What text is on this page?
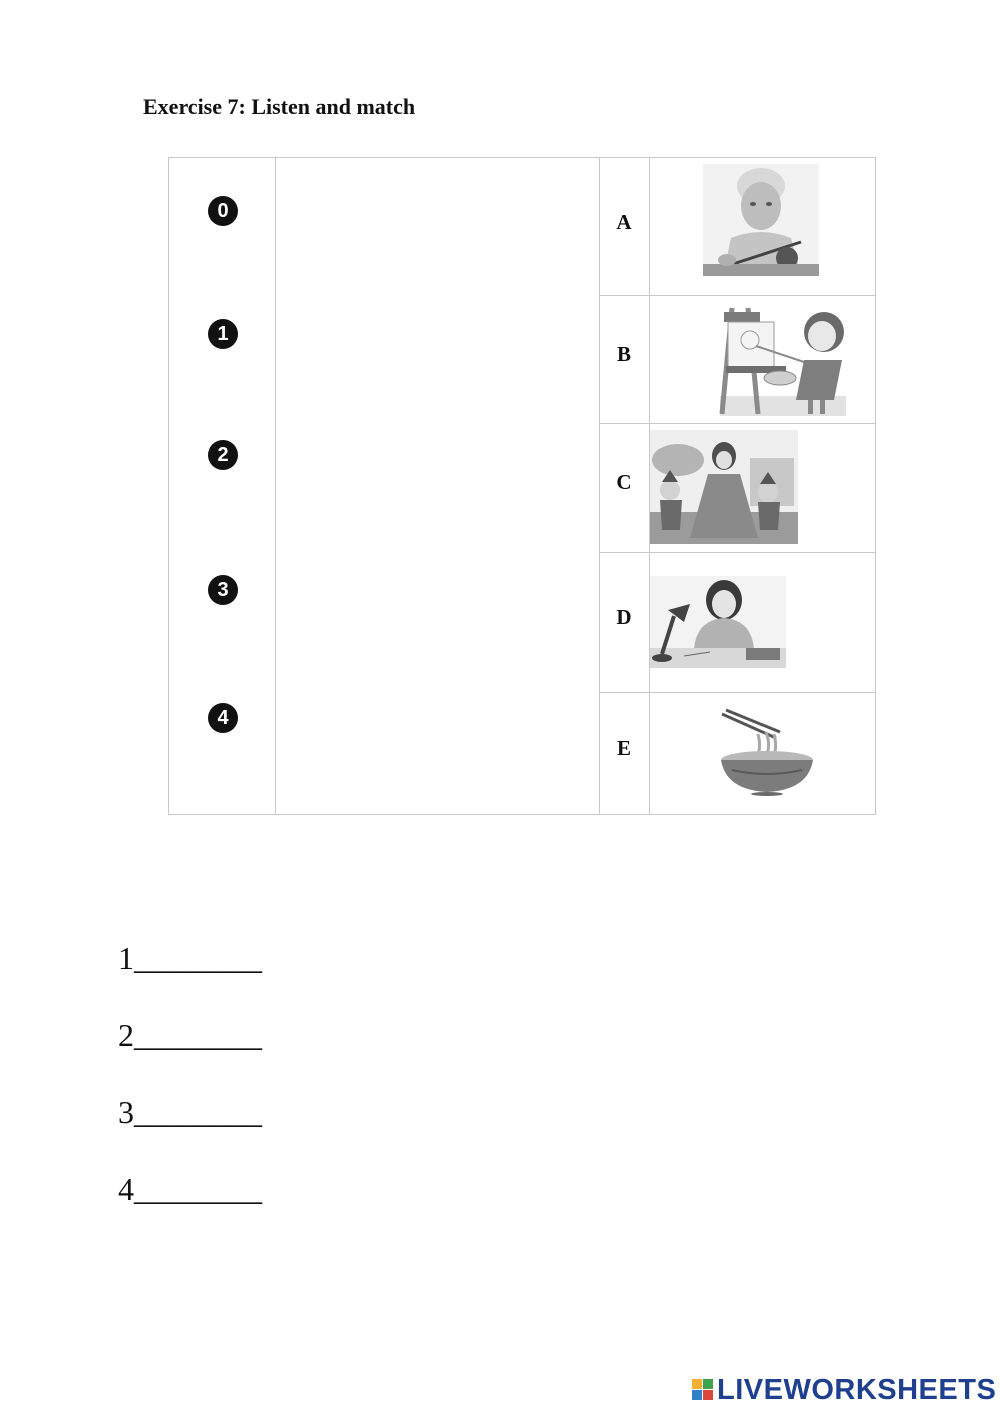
Exercise 7: Listen and match
0
1
2
3
4
A
B
C
D
E
1________
2________
3________
4________
LIVEWORKSHEETS
